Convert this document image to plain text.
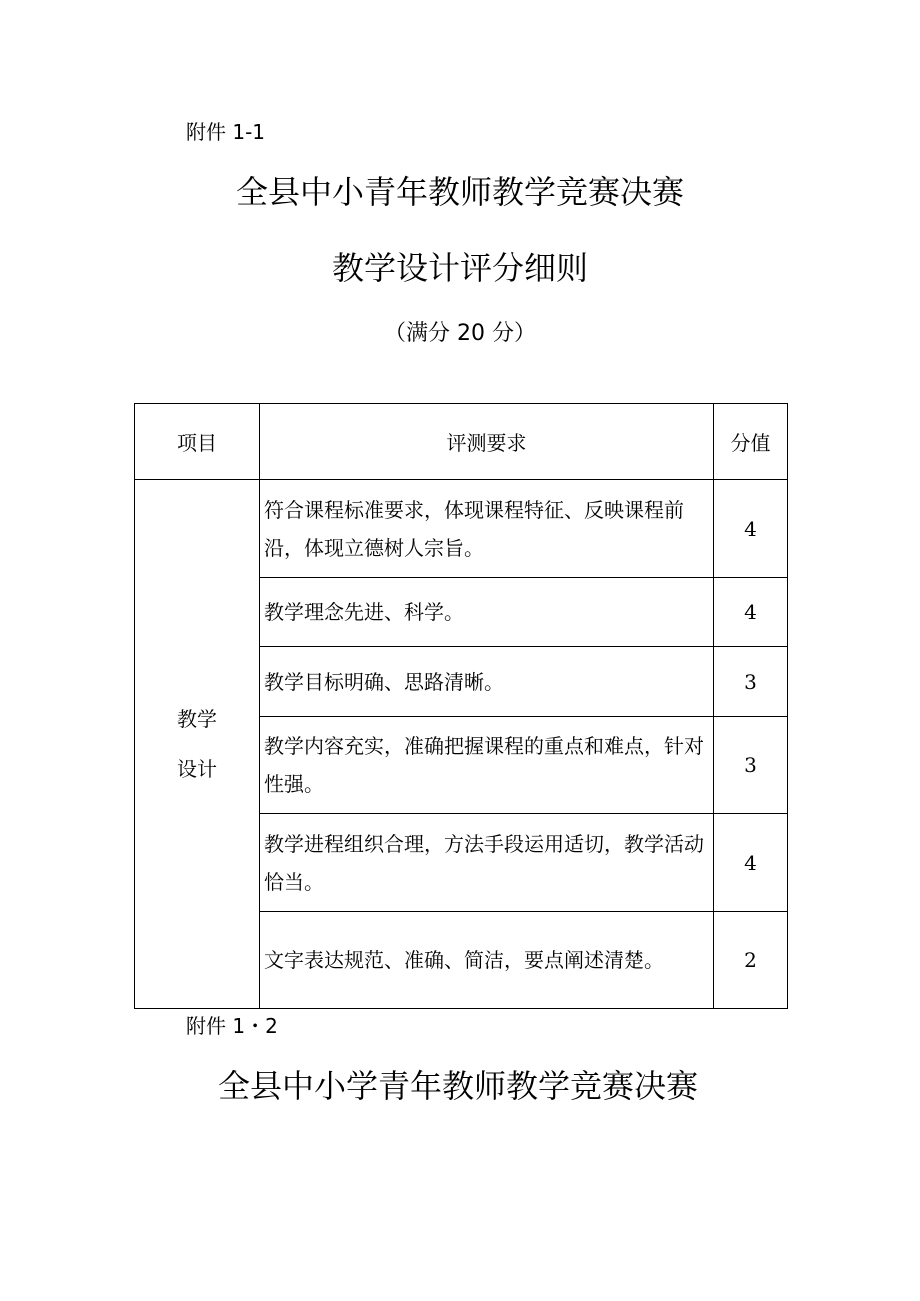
附件 1-1
全县中小青年教师教学竞赛决赛
教学设计评分细则
（满分 20 分）
项目	评测要求	分值

教学
设计	符合课程标准要求，体现课程特征、反映课程前沿，体现立德树人宗旨。	4
	教学理念先进、科学。	4
	教学目标明确、思路清晰。	3
	教学内容充实，准确把握课程的重点和难点，针对性强。	3
	教学进程组织合理，方法手段运用适切，教学活动恰当。	4
	文字表达规范、准确、简洁，要点阐述清楚。	2
附件 1・2
全县中小学青年教师教学竞赛决赛
